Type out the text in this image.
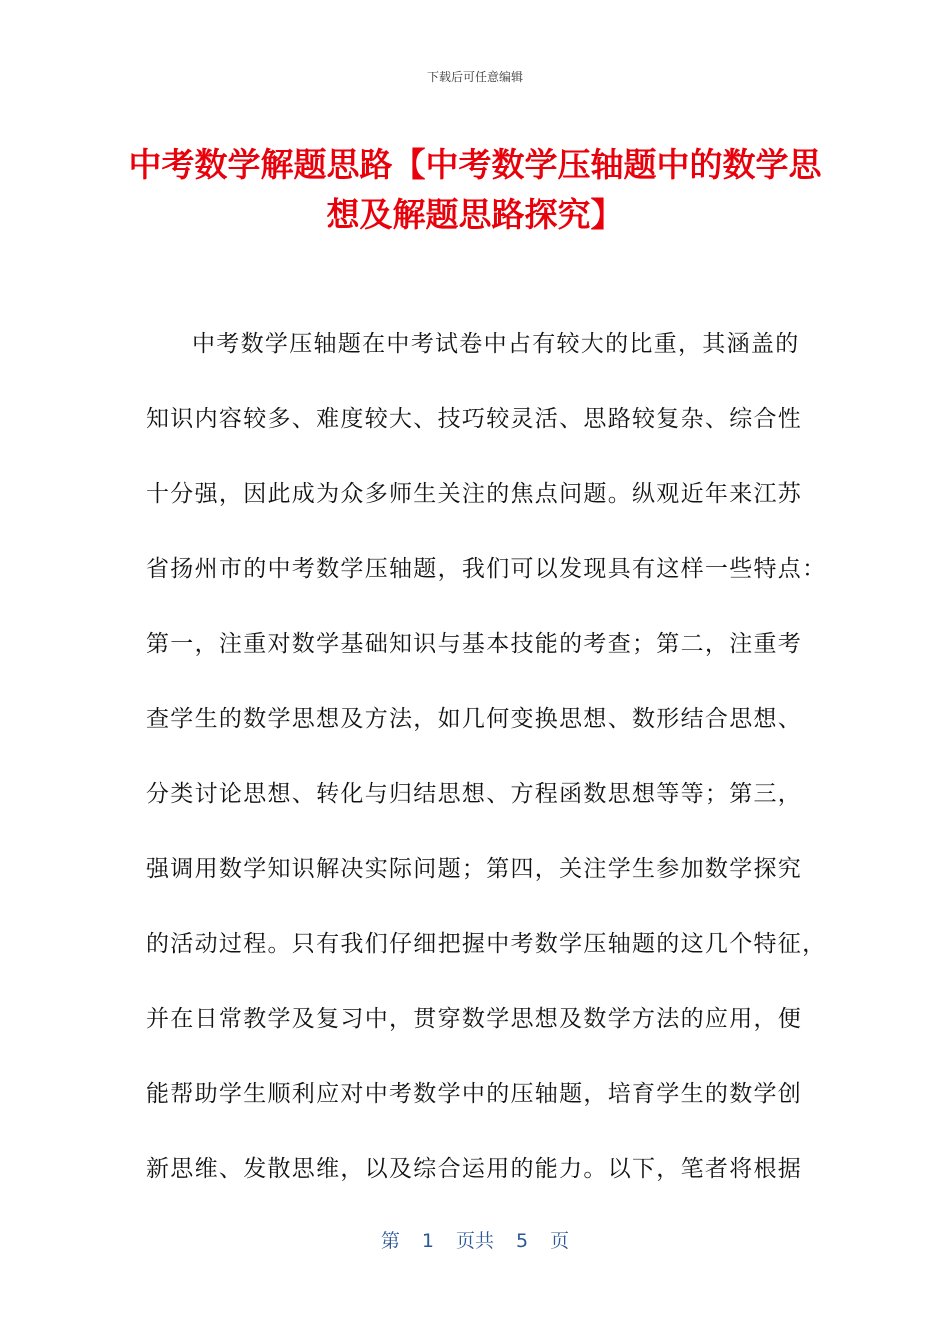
下载后可任意编辑
中考数学解题思路【中考数学压轴题中的数学思想及解题思路探究】
中考数学压轴题在中考试卷中占有较大的比重，其涵盖的
知识内容较多、难度较大、技巧较灵活、思路较复杂、综合性
十分强，因此成为众多师生关注的焦点问题。纵观近年来江苏
省扬州市的中考数学压轴题，我们可以发现具有这样一些特点：
第一，注重对数学基础知识与基本技能的考查；第二，注重考
查学生的数学思想及方法，如几何变换思想、数形结合思想、
分类讨论思想、转化与归结思想、方程函数思想等等；第三，
强调用数学知识解决实际问题；第四，关注学生参加数学探究
的活动过程。只有我们仔细把握中考数学压轴题的这几个特征，
并在日常教学及复习中，贯穿数学思想及数学方法的应用，便
能帮助学生顺利应对中考数学中的压轴题，培育学生的数学创
新思维、发散思维，以及综合运用的能力。以下，笔者将根据
第 1 页共 5 页
